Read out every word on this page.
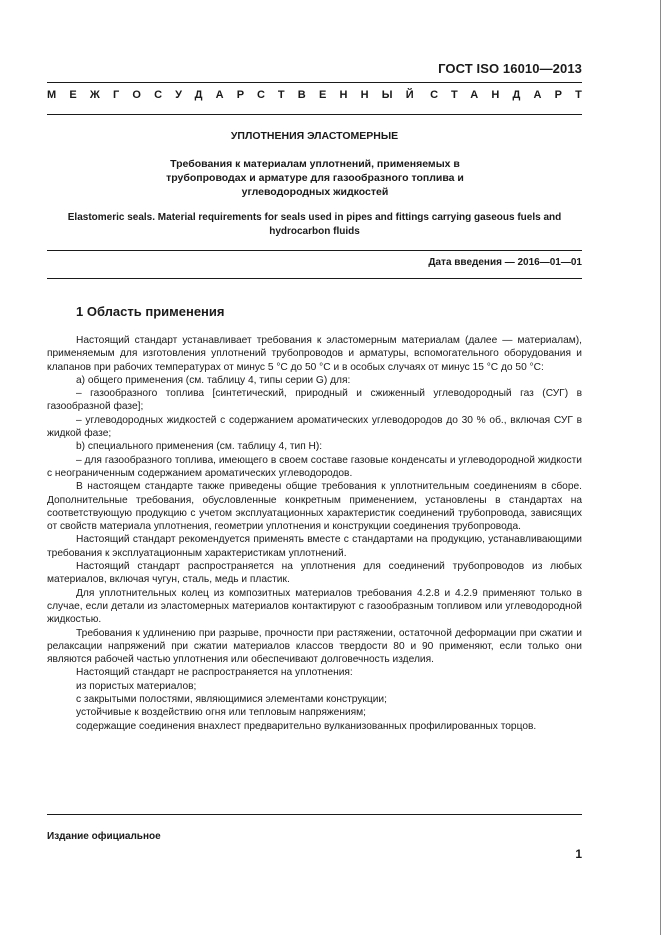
ГОСТ ISO 16010—2013
МЕЖГОСУДАРСТВЕННЫЙ СТАНДАРТ
УПЛОТНЕНИЯ ЭЛАСТОМЕРНЫЕ
Требования к материалам уплотнений, применяемых в трубопроводах и арматуре для газообразного топлива и углеводородных жидкостей
Elastomeric seals. Material requirements for seals used in pipes and fittings carrying gaseous fuels and hydrocarbon fluids
Дата введения — 2016—01—01
1 Область применения

Настоящий стандарт устанавливает требования к эластомерным материалам (далее — материалам), применяемым для изготовления уплотнений трубопроводов и арматуры, вспомогательного оборудования и клапанов при рабочих температурах от минус 5 °С до 50 °С и в особых случаях от минус 15 °С до 50 °С:

a) общего применения (см. таблицу 4, типы серии G) для:

– газообразного топлива [синтетический, природный и сжиженный углеводородный газ (СУГ) в газообразной фазе];

– углеводородных жидкостей с содержанием ароматических углеводородов до 30 % об., включая СУГ в жидкой фазе;

b) специального применения (см. таблицу 4, тип H):

– для газообразного топлива, имеющего в своем составе газовые конденсаты и углеводородной жидкости с неограниченным содержанием ароматических углеводородов.

В настоящем стандарте также приведены общие требования к уплотнительным соединениям в сборе. Дополнительные требования, обусловленные конкретным применением, установлены в стандартах на соответствующую продукцию с учетом эксплуатационных характеристик соединений трубопровода, зависящих от свойств материала уплотнения, геометрии уплотнения и конструкции соединения трубопровода.

Настоящий стандарт рекомендуется применять вместе с стандартами на продукцию, устанавливающими требования к эксплуатационным характеристикам уплотнений.

Настоящий стандарт распространяется на уплотнения для соединений трубопроводов из любых материалов, включая чугун, сталь, медь и пластик.

Для уплотнительных колец из композитных материалов требования 4.2.8 и 4.2.9 применяют только в случае, если детали из эластомерных материалов контактируют с газообразным топливом или углеводородной жидкостью.

Требования к удлинению при разрыве, прочности при растяжении, остаточной деформации при сжатии и релаксации напряжений при сжатии материалов классов твердости 80 и 90 применяют, если только они являются рабочей частью уплотнения или обеспечивают долговечность изделия.

Настоящий стандарт не распространяется на уплотнения:

из пористых материалов;

с закрытыми полостями, являющимися элементами конструкции;

устойчивые к воздействию огня или тепловым напряжениям;

содержащие соединения внахлест предварительно вулканизованных профилированных торцов.

Издание официальное
1
